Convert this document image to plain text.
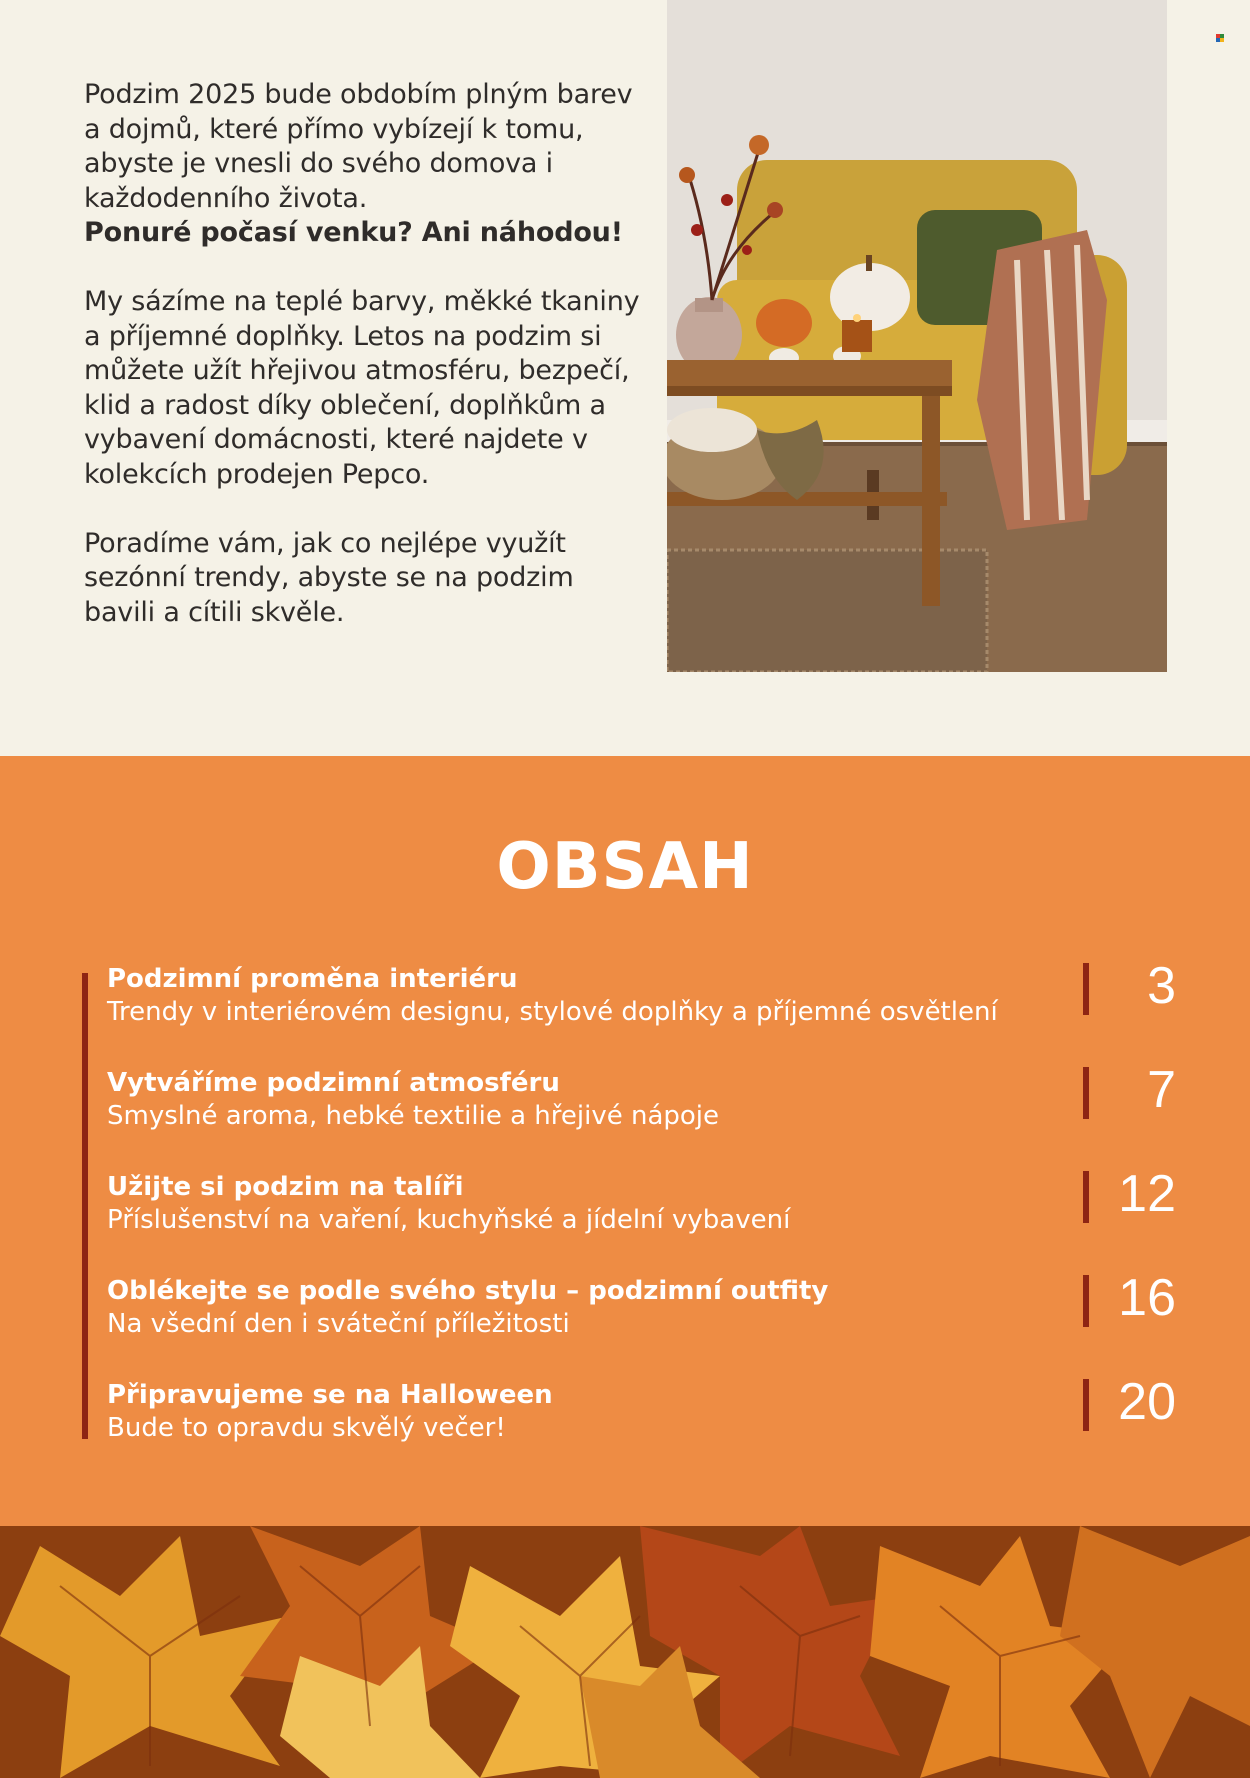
Podzim 2025 bude obdobím plným barev a dojmů, které přímo vybízejí k tomu, abyste je vnesli do svého domova i každodenního života.
Ponuré počasí venku? Ani náhodou!

My sázíme na teplé barvy, měkké tkaniny a příjemné doplňky. Letos na podzim si můžete užít hřejivou atmosféru, bezpečí, klid a radost díky oblečení, doplňkům a vybavení domácnosti, které najdete v kolekcích prodejen Pepco.

Poradíme vám, jak co nejlépe využít sezónní trendy, abyste se na podzim bavili a cítili skvěle.

OBSAH
Podzimní proměna interiéru
Trendy v interiérovém designu, stylové doplňky a příjemné osvětlení	3
Vytváříme podzimní atmosféru
Smyslné aroma, hebké textilie a hřejivé nápoje	7
Užijte si podzim na talíři
Příslušenství na vaření, kuchyňské a jídelní vybavení	12
Oblékejte se podle svého stylu – podzimní outfity
Na všední den i sváteční příležitosti	16
Připravujeme se na Halloween
Bude to opravdu skvělý večer!	20
